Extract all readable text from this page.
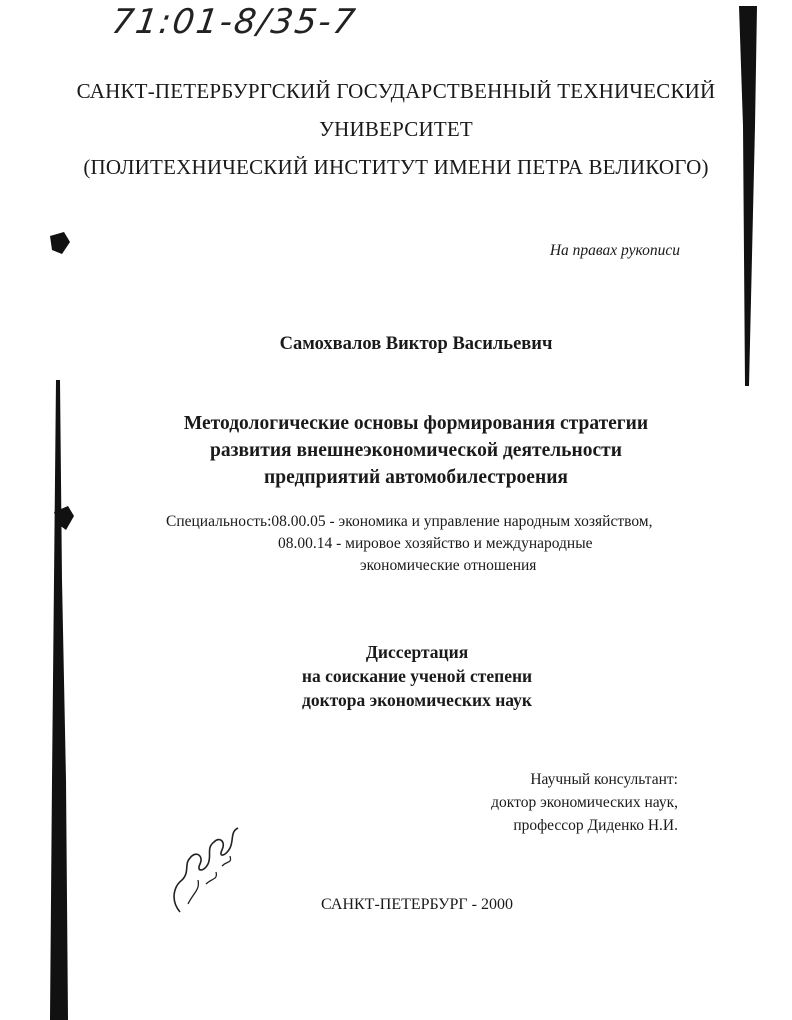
71:01-8/35-7
САНКТ-ПЕТЕРБУРГСКИЙ ГОСУДАРСТВЕННЫЙ ТЕХНИЧЕСКИЙ
УНИВЕРСИТЕТ
(ПОЛИТЕХНИЧЕСКИЙ ИНСТИТУТ ИМЕНИ ПЕТРА ВЕЛИКОГО)
На правах рукописи
Самохвалов Виктор Васильевич
Методологические основы формирования стратегии
развития внешнеэкономической деятельности
предприятий автомобилестроения
Специальность:08.00.05 - экономика и управление народным хозяйством,
08.00.14 - мировое хозяйство и международные
экономические отношения
Диссертация
на соискание ученой степени
доктора экономических наук
Научный консультант:
доктор экономических наук,
профессор Диденко Н.И.
САНКТ-ПЕТЕРБУРГ - 2000
